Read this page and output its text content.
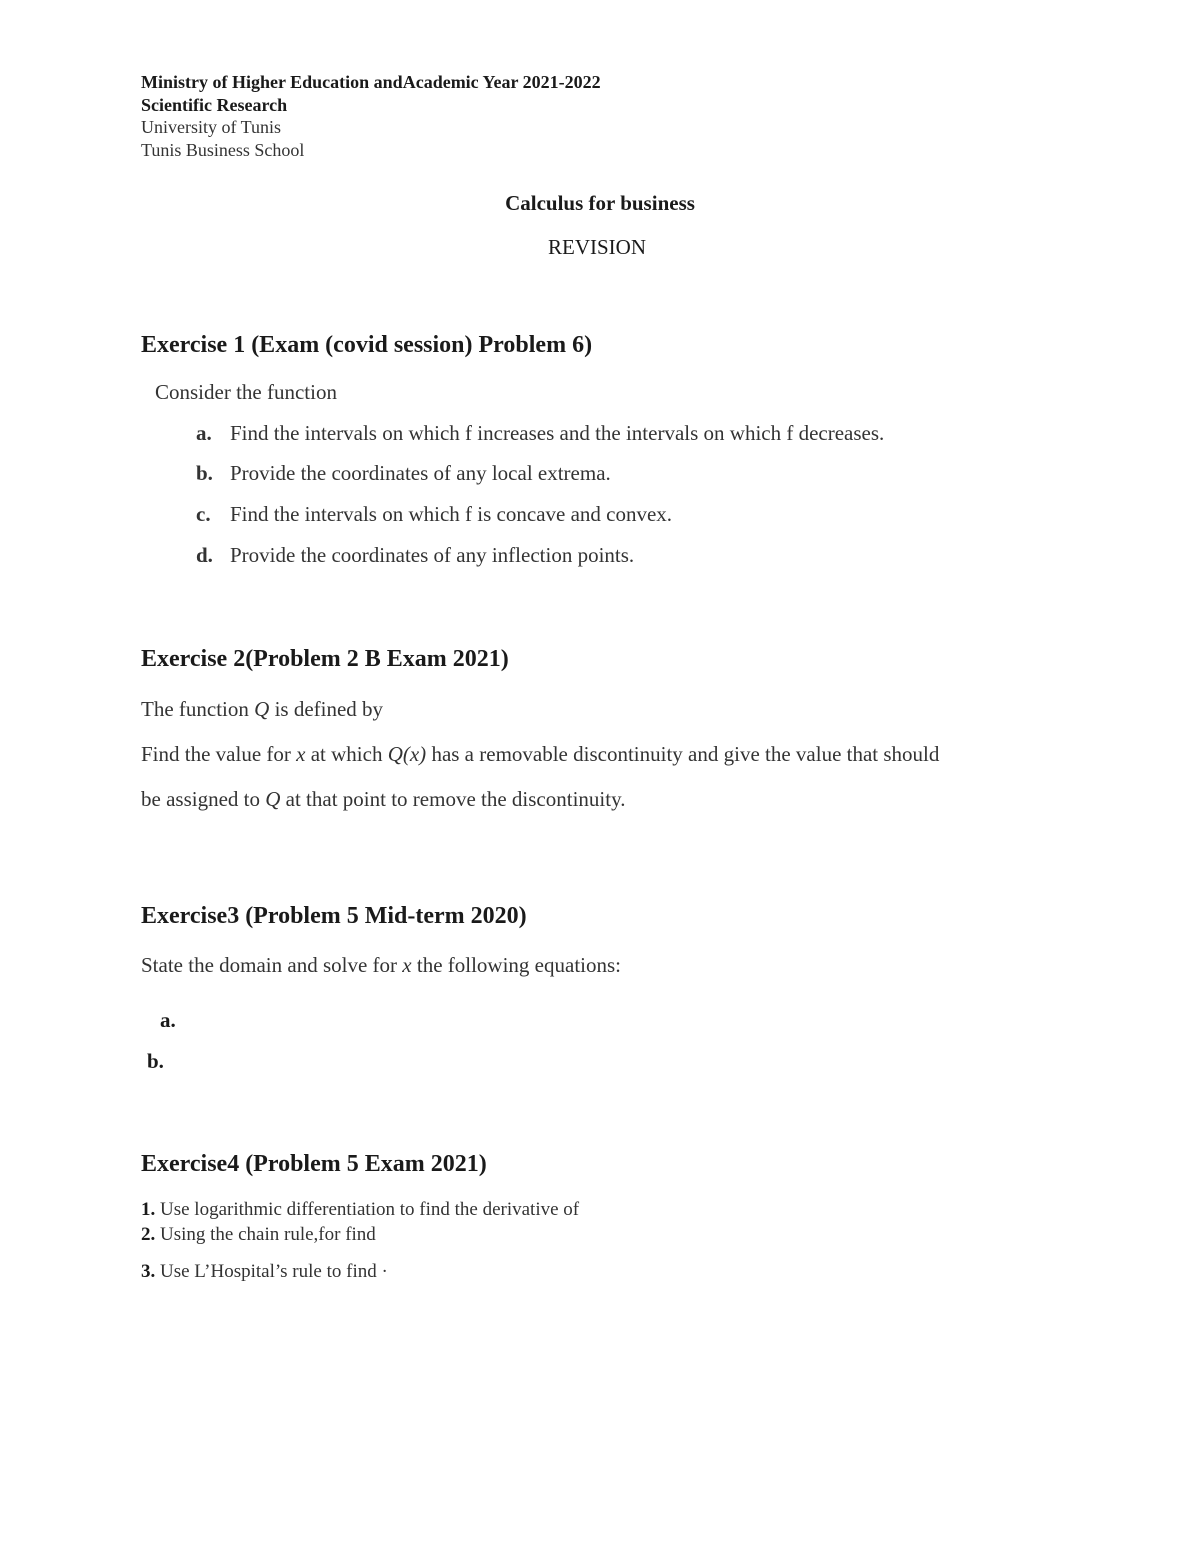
Ministry of Higher Education andAcademic Year 2021-2022
Scientific Research
University of Tunis
Tunis Business School
Calculus for business
REVISION
Exercise 1 (Exam (covid session) Problem 6)
Consider the function
a. Find the intervals on which f increases and the intervals on which f decreases.
b. Provide the coordinates of any local extrema.
c. Find the intervals on which f is concave and convex.
d. Provide the coordinates of any inflection points.
Exercise 2(Problem 2 B Exam 2021)
The function Q is defined by
Find the value for x at which Q(x) has a removable discontinuity and give the value that should
be assigned to Q at that point to remove the discontinuity.
Exercise3 (Problem 5 Mid-term 2020)
State the domain and solve for x the following equations:
a.
b.
Exercise4 (Problem 5 Exam 2021)
1. Use logarithmic differentiation to find the derivative of
2. Using the chain rule,for find
3. Use L’Hospital’s rule to find ·
